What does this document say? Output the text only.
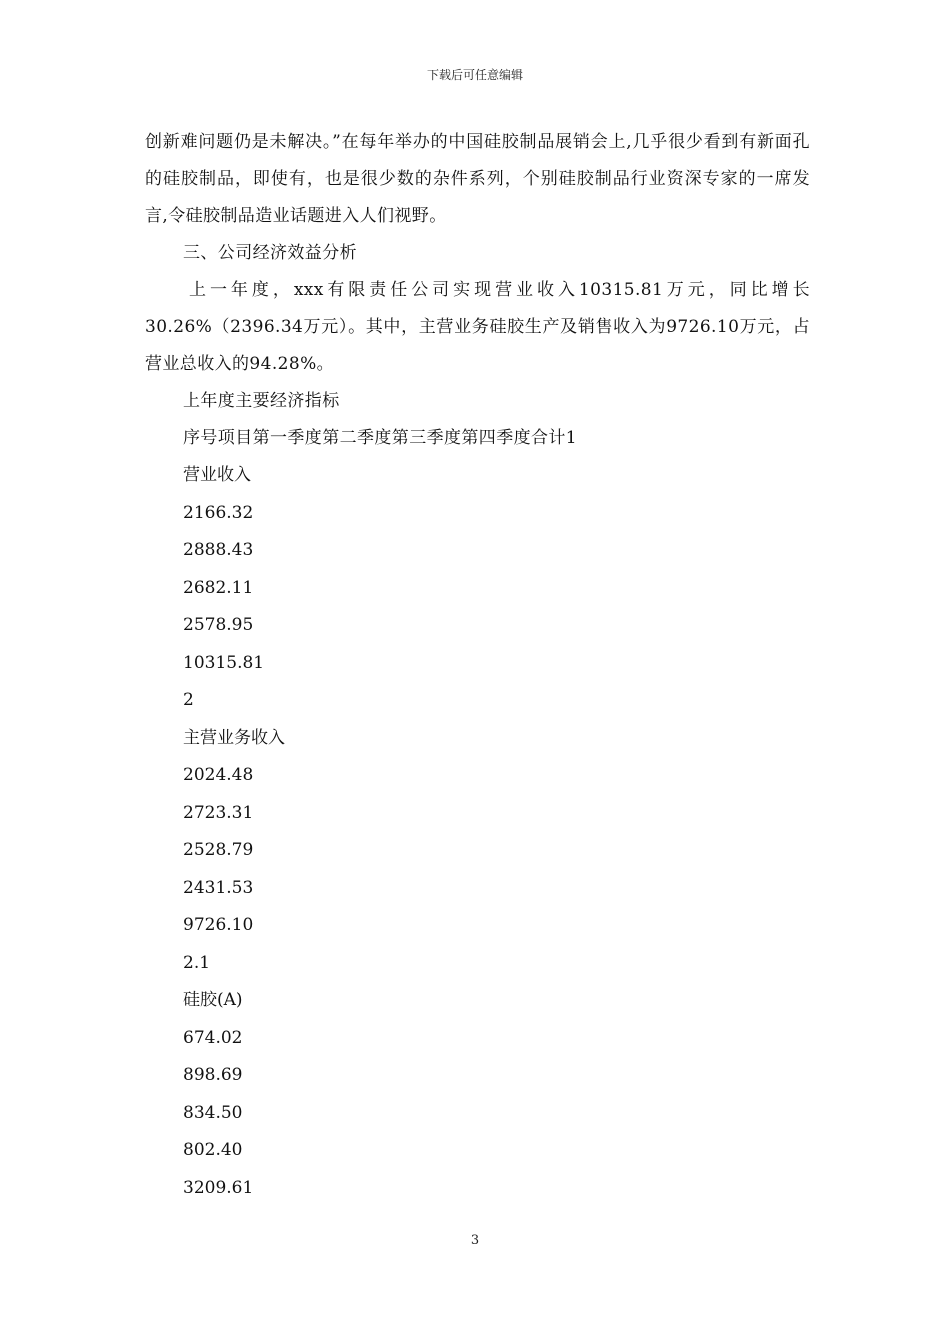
下载后可任意编辑

创新难问题仍是未解决。”在每年举办的中国硅胶制品展销会上,几乎很少看到有新面孔的硅胶制品，即使有，也是很少数的杂件系列，个别硅胶制品行业资深专家的一席发言,令硅胶制品造业话题进入人们视野。

三、公司经济效益分析

上一年度，xxx有限责任公司实现营业收入10315.81万元，同比增长30.26%（2396.34万元）。其中，主营业务硅胶生产及销售收入为9726.10万元，占营业总收入的94.28%。

上年度主要经济指标

序号项目第一季度第二季度第三季度第四季度合计1

营业收入

2166.32

2888.43

2682.11

2578.95

10315.81

2

主营业务收入

2024.48

2723.31

2528.79

2431.53

9726.10

2.1

硅胶(A)

674.02

898.69

834.50

802.40

3209.61

3
